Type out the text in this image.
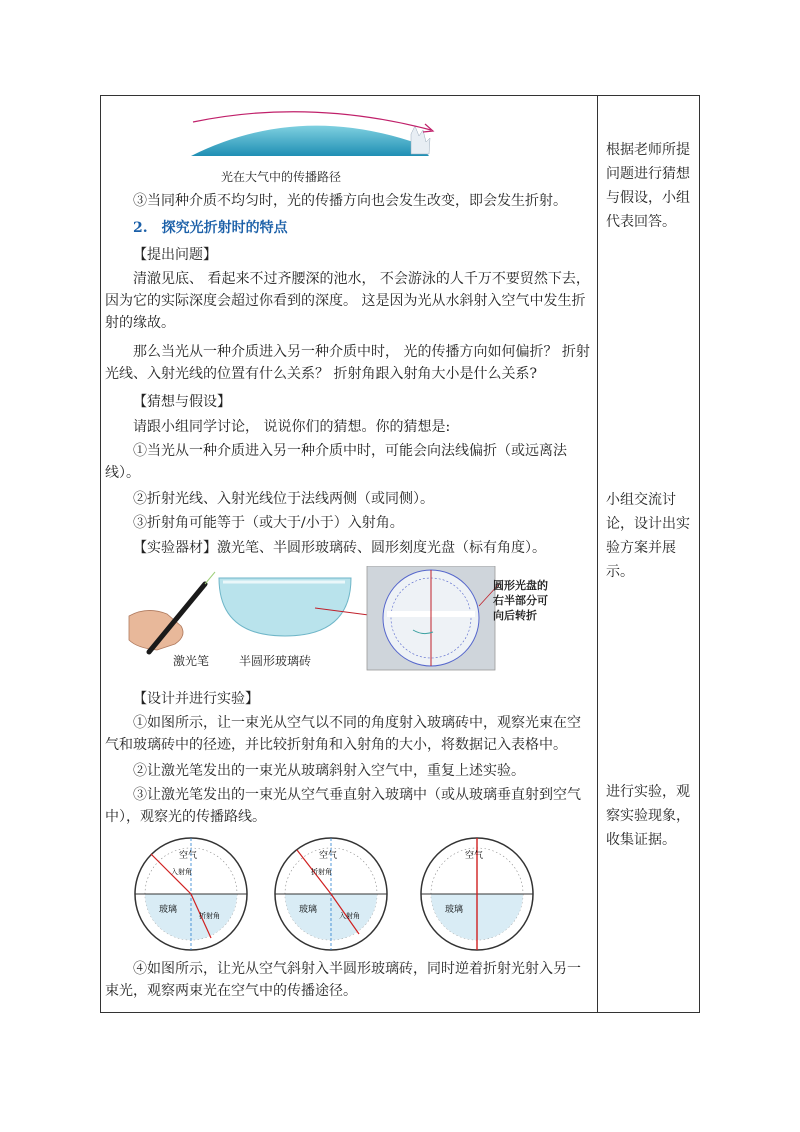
光在大气中的传播路径

③当同种介质不均匀时，光的传播方向也会发生改变，即会发生折射。

2.　探究光折射时的特点

【提出问题】

清澈见底、 看起来不过齐腰深的池水， 不会游泳的人千万不要贸然下去，因为它的实际深度会超过你看到的深度。 这是因为光从水斜射入空气中发生折射的缘故。

那么当光从一种介质进入另一种介质中时， 光的传播方向如何偏折？ 折射光线、入射光线的位置有什么关系？ 折射角跟入射角大小是什么关系?

【猜想与假设】

请跟小组同学讨论， 说说你们的猜想。你的猜想是:

①当光从一种介质进入另一种介质中时，可能会向法线偏折（或远离法线）。

②折射光线、入射光线位于法线两侧（或同侧）。

③折射角可能等于（或大于/小于）入射角。

【实验器材】激光笔、半圆形玻璃砖、圆形刻度光盘（标有角度）。

激光笔 半圆形玻璃砖
圆形光盘的
右半部分可
向后转折

【设计并进行实验】

①如图所示，让一束光从空气以不同的角度射入玻璃砖中，观察光束在空气和玻璃砖中的径迹，并比较折射角和入射角的大小，将数据记入表格中。

②让激光笔发出的一束光从玻璃斜射入空气中，重复上述实验。

③让激光笔发出的一束光从空气垂直射入玻璃中（或从玻璃垂直射到空气中），观察光的传播路线。

空气
玻璃
入射角
折射角
空气
玻璃
折射角
入射角
空气
玻璃

④如图所示，让光从空气斜射入半圆形玻璃砖，同时逆着折射光射入另一束光，观察两束光在空气中的传播途径。

根据老师所提问题进行猜想与假设，小组代表回答。
小组交流讨论，设计出实验方案并展示。
进行实验，观察实验现象，收集证据。
